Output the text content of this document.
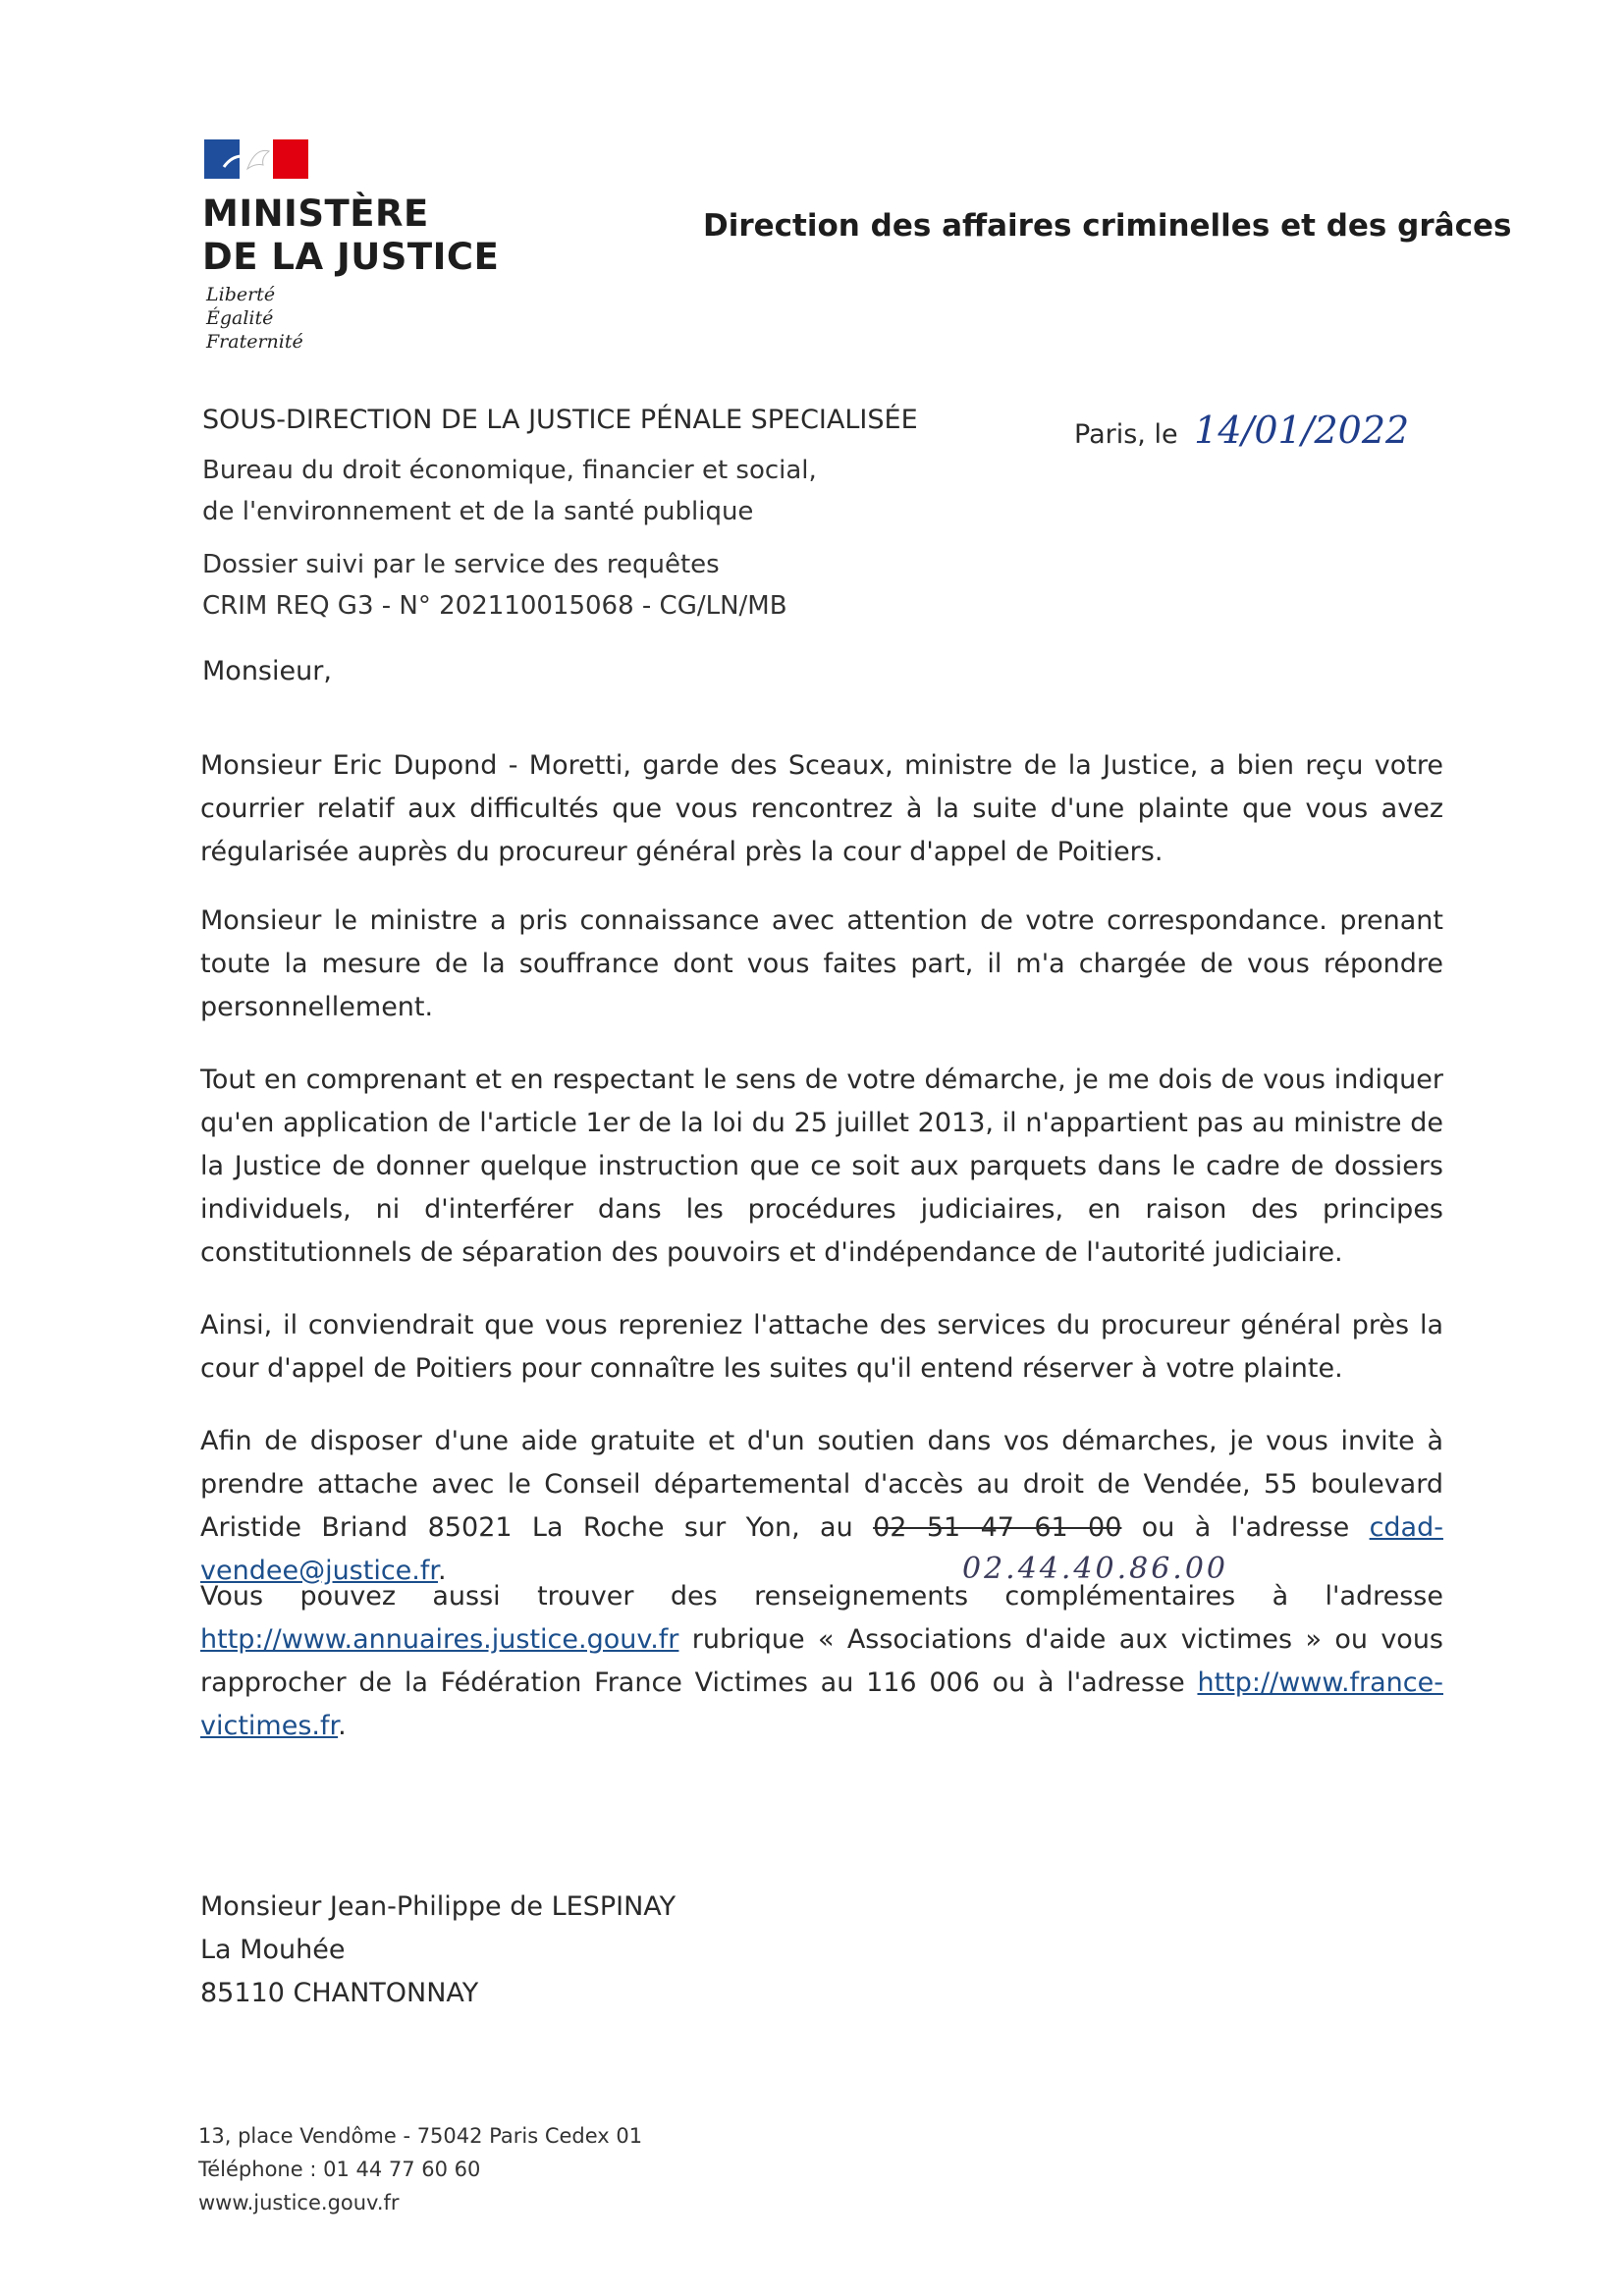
MINISTÈRE
DE LA JUSTICE
Liberté
Égalité
Fraternité
Direction des affaires criminelles et des grâces
SOUS-DIRECTION DE LA JUSTICE PÉNALE SPECIALISÉE	Paris, le 14/01/2022
Bureau du droit économique, financier et social,
de l'environnement et de la santé publique
Dossier suivi par le service des requêtes
CRIM REQ G3 - N° 202110015068 - CG/LN/MB
Monsieur,
Monsieur Eric Dupond - Moretti, garde des Sceaux, ministre de la Justice, a bien reçu votre courrier relatif aux difficultés que vous rencontrez à la suite d'une plainte que vous avez régularisée auprès du procureur général près la cour d'appel de Poitiers.
Monsieur le ministre a pris connaissance avec attention de votre correspondance. prenant toute la mesure de la souffrance dont vous faites part, il m'a chargée de vous répondre personnellement.
Tout en comprenant et en respectant le sens de votre démarche, je me dois de vous indiquer qu'en application de l'article 1er de la loi du 25 juillet 2013, il n'appartient pas au ministre de la Justice de donner quelque instruction que ce soit aux parquets dans le cadre de dossiers individuels, ni d'interférer dans les procédures judiciaires, en raison des principes constitutionnels de séparation des pouvoirs et d'indépendance de l'autorité judiciaire.
Ainsi, il conviendrait que vous repreniez l'attache des services du procureur général près la cour d'appel de Poitiers pour connaître les suites qu'il entend réserver à votre plainte.
Afin de disposer d'une aide gratuite et d'un soutien dans vos démarches, je vous invite à prendre attache avec le Conseil départemental d'accès au droit de Vendée, 55 boulevard Aristide Briand 85021 La Roche sur Yon, au 02 51 47 61 00 ou à l'adresse cdad-vendee@justice.fr.	02.44.40.86.00
Vous pouvez aussi trouver des renseignements complémentaires à l'adresse http://www.annuaires.justice.gouv.fr rubrique « Associations d'aide aux victimes » ou vous rapprocher de la Fédération France Victimes au 116 006 ou à l'adresse http://www.france-victimes.fr.
Monsieur Jean-Philippe de LESPINAY
La Mouhée
85110 CHANTONNAY
13, place Vendôme - 75042 Paris Cedex 01
Téléphone : 01 44 77 60 60
www.justice.gouv.fr
